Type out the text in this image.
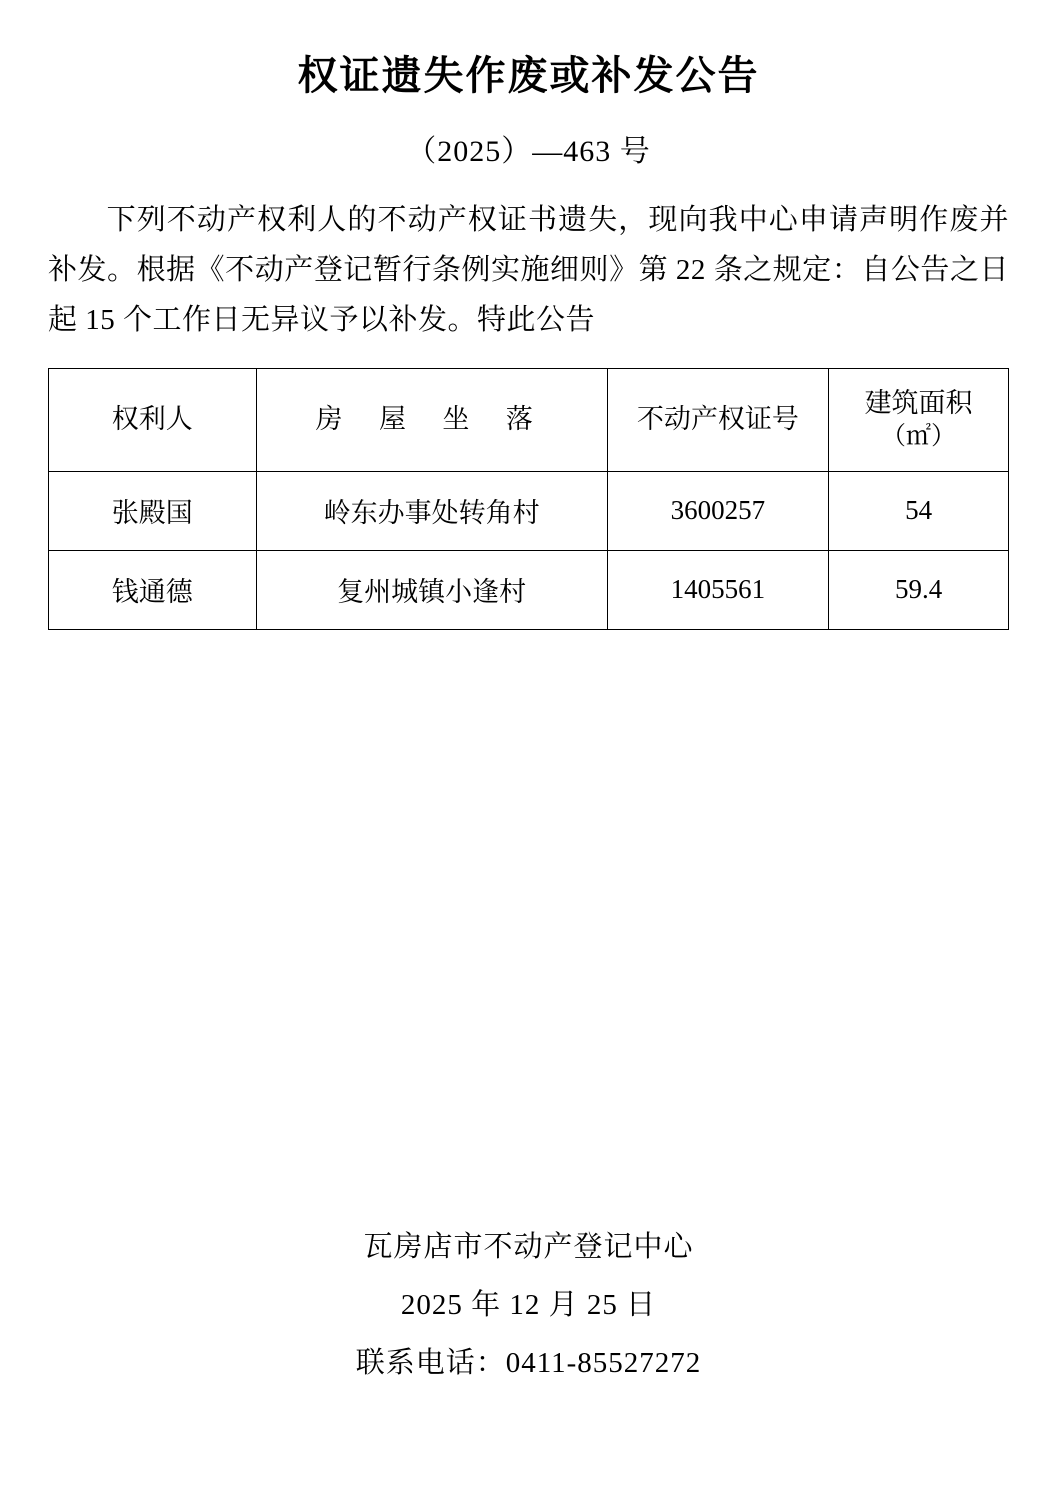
权证遗失作废或补发公告
（2025）—463 号
下列不动产权利人的不动产权证书遗失，现向我中心申请声明作废并补发。根据《不动产登记暂行条例实施细则》第 22 条之规定：自公告之日起 15 个工作日无异议予以补发。特此公告
权利人	房 屋 坐 落	不动产权证号	建筑面积
（㎡）

张殿国	岭东办事处转角村	3600257	54
钱通德	复州城镇小逢村	1405561	59.4
瓦房店市不动产登记中心
2025 年 12 月 25 日
联系电话：0411-85527272
